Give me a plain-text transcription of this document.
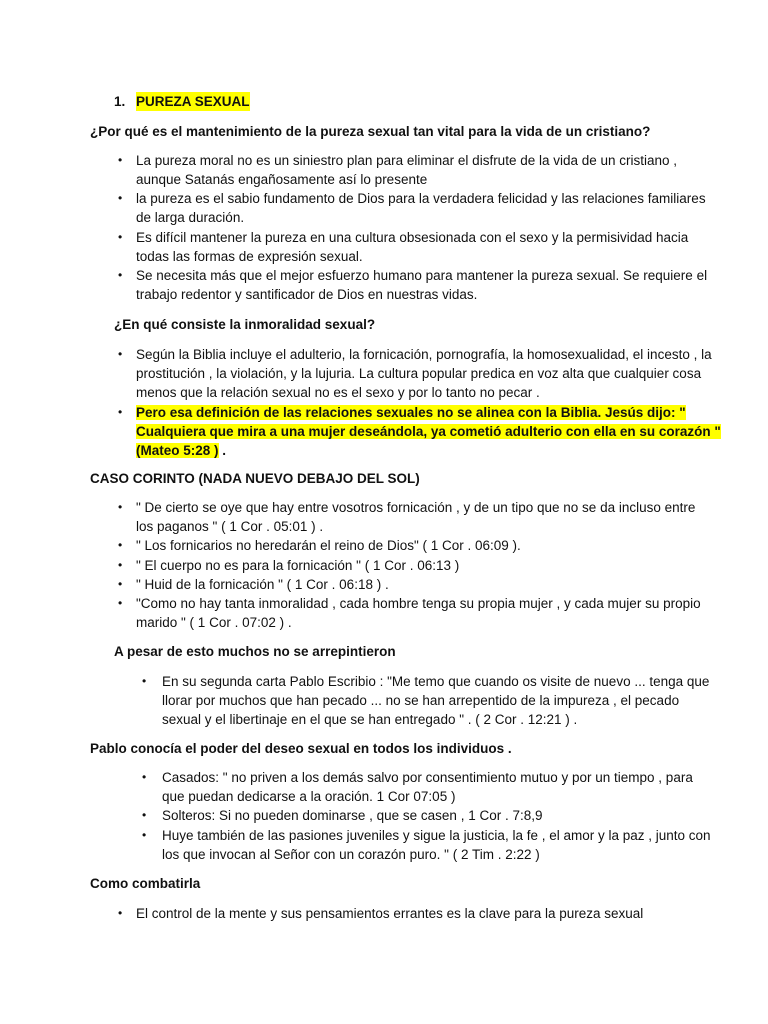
1. PUREZA SEXUAL
¿Por qué es el mantenimiento de la pureza sexual tan vital para la vida de un cristiano?
• La pureza moral no es un siniestro plan para eliminar el disfrute de la vida de un cristiano ,
aunque Satanás engañosamente así lo presente
• la pureza es el sabio fundamento de Dios para la verdadera felicidad y las relaciones familiares
de larga duración.
• Es difícil mantener la pureza en una cultura obsesionada con el sexo y la permisividad hacia
todas las formas de expresión sexual.
• Se necesita más que el mejor esfuerzo humano para mantener la pureza sexual. Se requiere el
trabajo redentor y santificador de Dios en nuestras vidas.
¿En qué consiste la inmoralidad sexual?
• Según la Biblia incluye el adulterio, la fornicación, pornografía, la homosexualidad, el incesto , la
prostitución , la violación, y la lujuria. La cultura popular predica en voz alta que cualquier cosa
menos que la relación sexual no es el sexo y por lo tanto no pecar .
• Pero esa definición de las relaciones sexuales no se alinea con la Biblia. Jesús dijo: "
Cualquiera que mira a una mujer deseándola, ya cometió adulterio con ella en su corazón "
(Mateo 5:28 ) .
CASO CORINTO (NADA NUEVO DEBAJO DEL SOL)
• " De cierto se oye que hay entre vosotros fornicación , y de un tipo que no se da incluso entre
los paganos " ( 1 Cor . 05:01 ) .
• " Los fornicarios no heredarán el reino de Dios" ( 1 Cor . 06:09 ).
• " El cuerpo no es para la fornicación " ( 1 Cor . 06:13 )
• " Huid de la fornicación " ( 1 Cor . 06:18 ) .
• "Como no hay tanta inmoralidad , cada hombre tenga su propia mujer , y cada mujer su propio
marido " ( 1 Cor . 07:02 ) .
A pesar de esto muchos no se arrepintieron
• En su segunda carta Pablo Escribio : "Me temo que cuando os visite de nuevo ... tenga que
llorar por muchos que han pecado ... no se han arrepentido de la impureza , el pecado
sexual y el libertinaje en el que se han entregado " . ( 2 Cor . 12:21 ) .
Pablo conocía el poder del deseo sexual en todos los individuos .
• Casados: " no priven a los demás salvo por consentimiento mutuo y por un tiempo , para
que puedan dedicarse a la oración. 1 Cor 07:05 )
• Solteros: Si no pueden dominarse , que se casen , 1 Cor . 7:8,9
• Huye también de las pasiones juveniles y sigue la justicia, la fe , el amor y la paz , junto con
los que invocan al Señor con un corazón puro. " ( 2 Tim . 2:22 )
Como combatirla
• El control de la mente y sus pensamientos errantes es la clave para la pureza sexual
